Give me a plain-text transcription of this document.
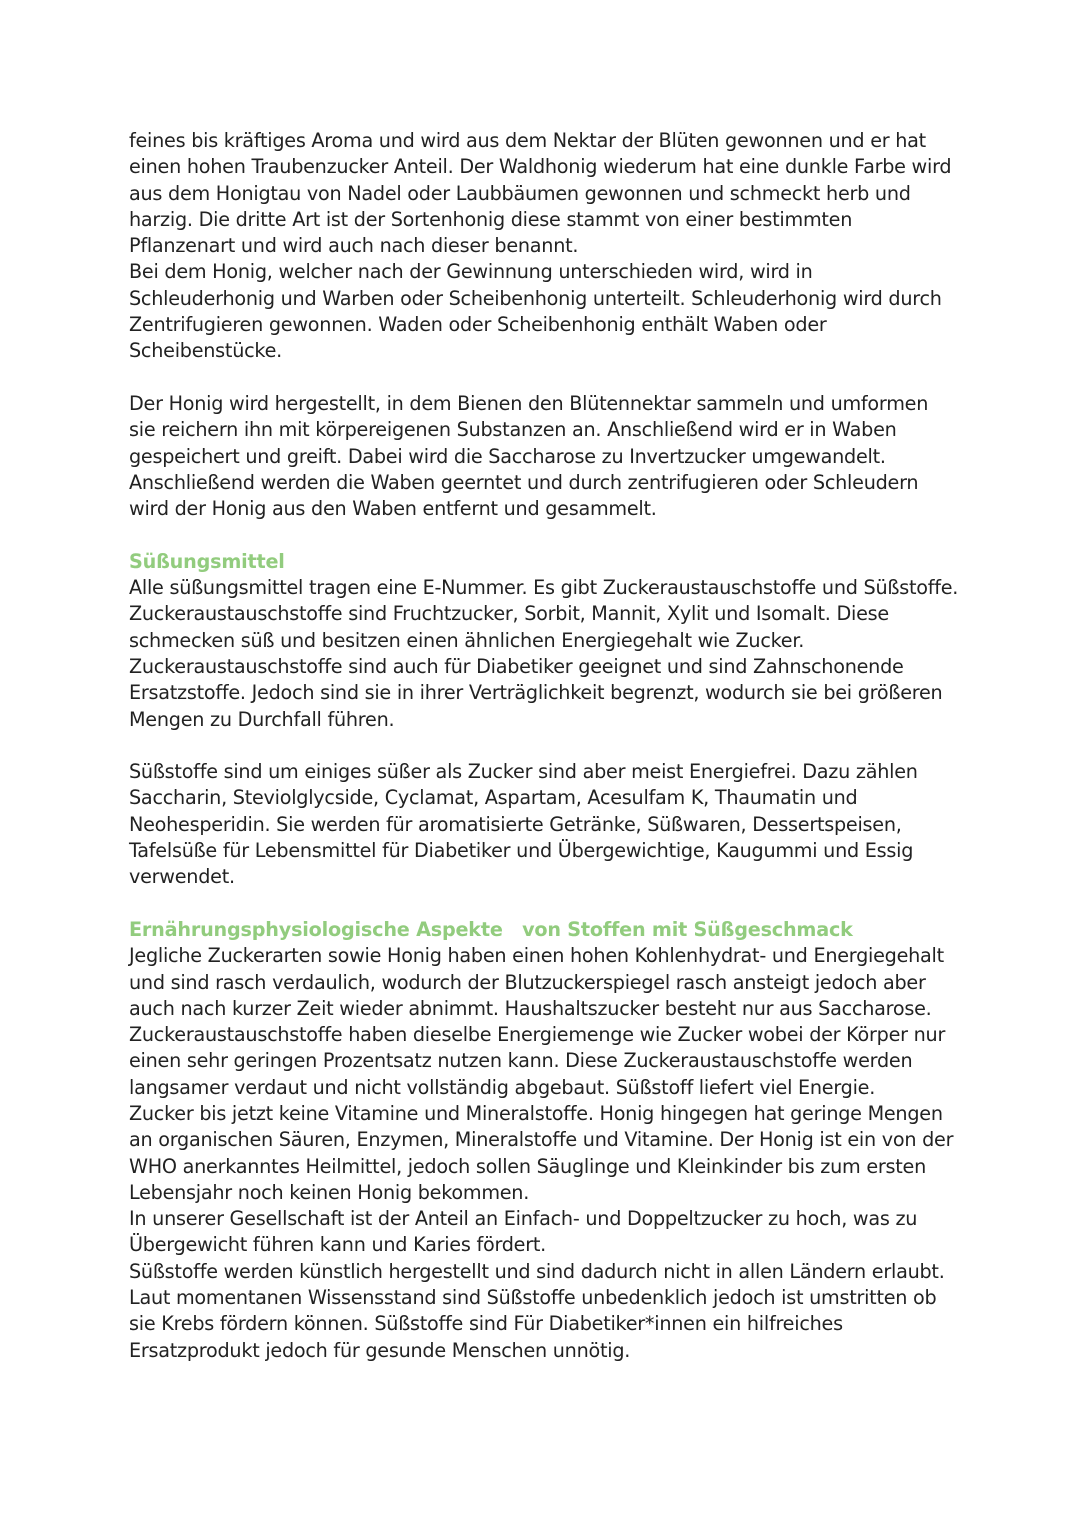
feines bis kräftiges Aroma und wird aus dem Nektar der Blüten gewonnen und er hat einen hohen Traubenzucker Anteil. Der Waldhonig wiederum hat eine dunkle Farbe wird aus dem Honigtau von Nadel oder Laubbäumen gewonnen und schmeckt herb und harzig. Die dritte Art ist der Sortenhonig diese stammt von einer bestimmten Pflanzenart und wird auch nach dieser benannt.

Bei dem Honig, welcher nach der Gewinnung unterschieden wird, wird in Schleuderhonig und Warben oder Scheibenhonig unterteilt. Schleuderhonig wird durch Zentrifugieren gewonnen. Waden oder Scheibenhonig enthält Waben oder Scheibenstücke.

Der Honig wird hergestellt, in dem Bienen den Blütennektar sammeln und umformen sie reichern ihn mit körpereigenen Substanzen an. Anschließend wird er in Waben gespeichert und greift. Dabei wird die Saccharose zu Invertzucker umgewandelt. Anschließend werden die Waben geerntet und durch zentrifugieren oder Schleudern wird der Honig aus den Waben entfernt und gesammelt.

Süßungsmittel

Alle süßungsmittel tragen eine E-Nummer. Es gibt Zuckeraustauschstoffe und Süßstoffe. Zuckeraustauschstoffe sind Fruchtzucker, Sorbit, Mannit, Xylit und Isomalt. Diese schmecken süß und besitzen einen ähnlichen Energiegehalt wie Zucker. Zuckeraustauschstoffe sind auch für Diabetiker geeignet und sind Zahnschonende Ersatzstoffe. Jedoch sind sie in ihrer Verträglichkeit begrenzt, wodurch sie bei größeren Mengen zu Durchfall führen.

Süßstoffe sind um einiges süßer als Zucker sind aber meist Energiefrei. Dazu zählen Saccharin, Steviolglycside, Cyclamat, Aspartam, Acesulfam K, Thaumatin und Neohesperidin. Sie werden für aromatisierte Getränke, Süßwaren, Dessertspeisen, Tafelsüße für Lebensmittel für Diabetiker und Übergewichtige, Kaugummi und Essig verwendet.

Ernährungsphysiologische Aspekte   von Stoffen mit Süßgeschmack

Jegliche Zuckerarten sowie Honig haben einen hohen Kohlenhydrat- und Energiegehalt und sind rasch verdaulich, wodurch der Blutzuckerspiegel rasch ansteigt jedoch aber auch nach kurzer Zeit wieder abnimmt. Haushaltszucker besteht nur aus Saccharose. Zuckeraustauschstoffe haben dieselbe Energiemenge wie Zucker wobei der Körper nur einen sehr geringen Prozentsatz nutzen kann. Diese Zuckeraustauschstoffe werden langsamer verdaut und nicht vollständig abgebaut. Süßstoff liefert viel Energie.

Zucker bis jetzt keine Vitamine und Mineralstoffe. Honig hingegen hat geringe Mengen an organischen Säuren, Enzymen, Mineralstoffe und Vitamine. Der Honig ist ein von der WHO anerkanntes Heilmittel, jedoch sollen Säuglinge und Kleinkinder bis zum ersten Lebensjahr noch keinen Honig bekommen.

In unserer Gesellschaft ist der Anteil an Einfach- und Doppeltzucker zu hoch, was zu Übergewicht führen kann und Karies fördert.

Süßstoffe werden künstlich hergestellt und sind dadurch nicht in allen Ländern erlaubt. Laut momentanen Wissensstand sind Süßstoffe unbedenklich jedoch ist umstritten ob sie Krebs fördern können. Süßstoffe sind Für Diabetiker*innen ein hilfreiches Ersatzprodukt jedoch für gesunde Menschen unnötig.
